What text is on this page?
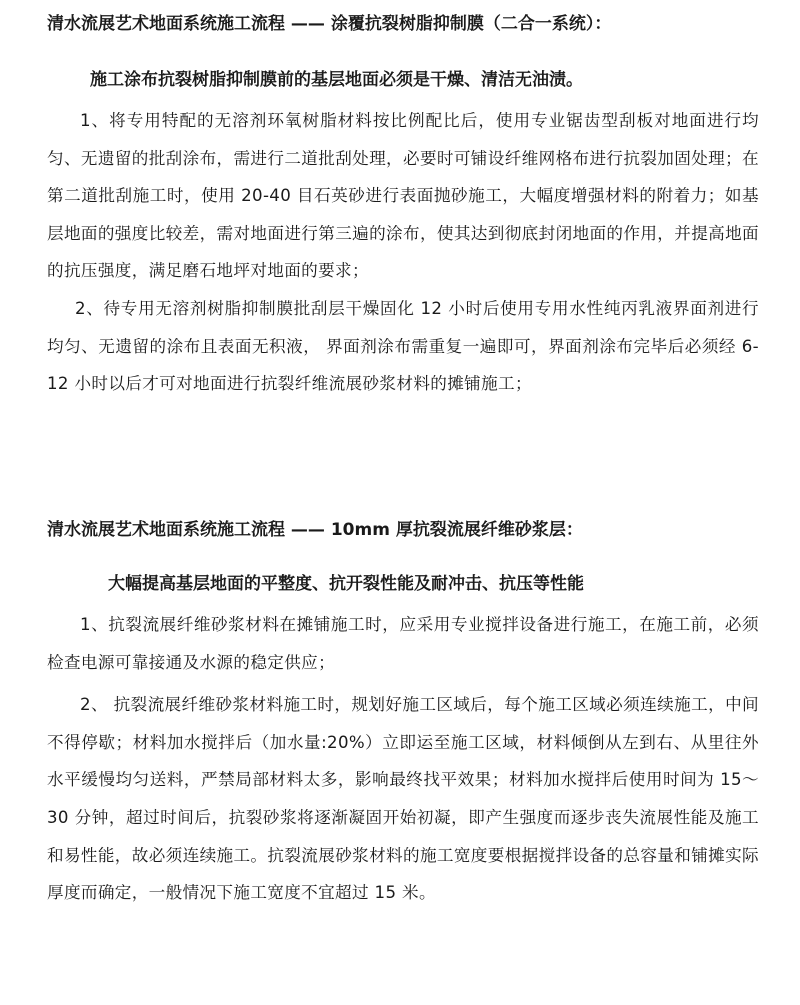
清水流展艺术地面系统施工流程 —— 涂覆抗裂树脂抑制膜（二合一系统）：
施工涂布抗裂树脂抑制膜前的基层地面必须是干燥、清洁无油渍。

1、将专用特配的无溶剂环氧树脂材料按比例配比后，使用专业锯齿型刮板对地面进行均匀、无遗留的批刮涂布，需进行二道批刮处理，必要时可铺设纤维网格布进行抗裂加固处理；在第二道批刮施工时，使用 20-40 目石英砂进行表面抛砂施工，大幅度增强材料的附着力；如基层地面的强度比较差，需对地面进行第三遍的涂布，使其达到彻底封闭地面的作用，并提高地面的抗压强度，满足磨石地坪对地面的要求；

2、待专用无溶剂树脂抑制膜批刮层干燥固化 12 小时后使用专用水性纯丙乳液界面剂进行均匀、无遗留的涂布且表面无积液， 界面剂涂布需重复一遍即可，界面剂涂布完毕后必须经 6-12 小时以后才可对地面进行抗裂纤维流展砂浆材料的摊铺施工；

清水流展艺术地面系统施工流程 —— 10mm 厚抗裂流展纤维砂浆层：
大幅提高基层地面的平整度、抗开裂性能及耐冲击、抗压等性能

1、抗裂流展纤维砂浆材料在摊铺施工时，应采用专业搅拌设备进行施工，在施工前，必须检查电源可靠接通及水源的稳定供应；

2、 抗裂流展纤维砂浆材料施工时，规划好施工区域后，每个施工区域必须连续施工，中间不得停歇；材料加水搅拌后（加水量:20%）立即运至施工区域，材料倾倒从左到右、从里往外水平缓慢均匀送料，严禁局部材料太多，影响最终找平效果；材料加水搅拌后使用时间为 15～30 分钟，超过时间后，抗裂砂浆将逐渐凝固开始初凝，即产生强度而逐步丧失流展性能及施工和易性能，故必须连续施工。抗裂流展砂浆材料的施工宽度要根据搅拌设备的总容量和铺摊实际厚度而确定，一般情况下施工宽度不宜超过 15 米。
